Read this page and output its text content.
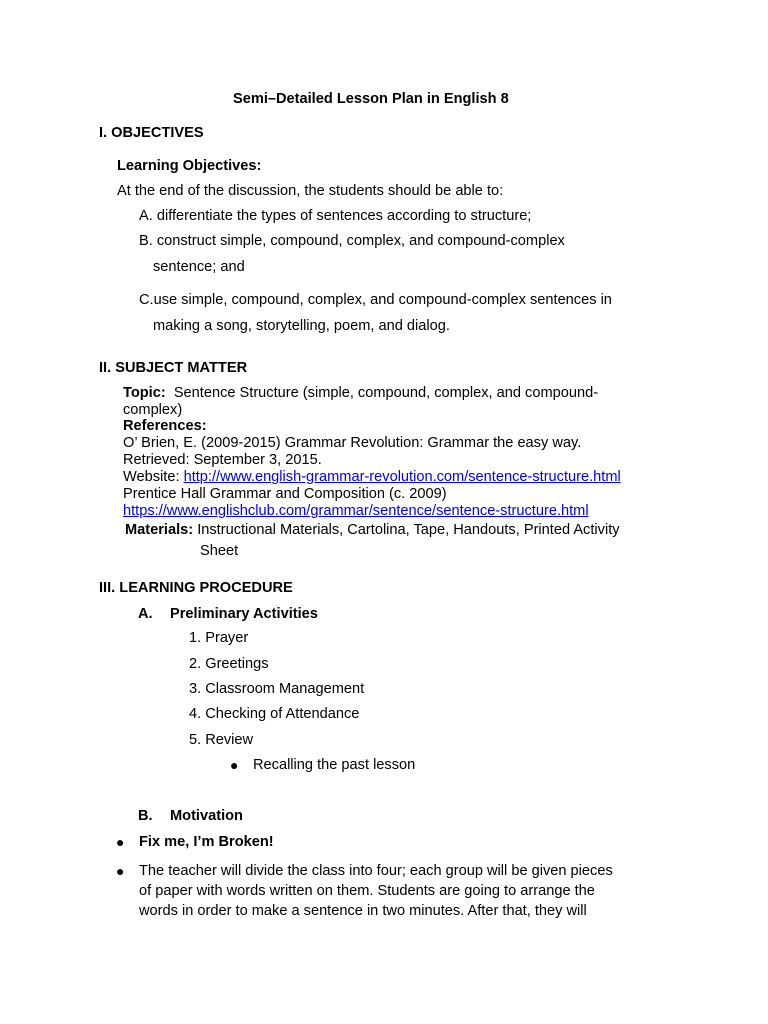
Semi–Detailed Lesson Plan in English 8
I. OBJECTIVES
Learning Objectives:
At the end of the discussion, the students should be able to:
A. differentiate the types of sentences according to structure;
B. construct simple, compound, complex, and compound-complex
sentence; and
C.use simple, compound, complex, and compound-complex sentences in
making a song, storytelling, poem, and dialog.
II. SUBJECT MATTER
Topic: Sentence Structure (simple, compound, complex, and compound-
complex)
References:
O’ Brien, E. (2009-2015) Grammar Revolution: Grammar the easy way.
Retrieved: September 3, 2015.
Website: http://www.english-grammar-revolution.com/sentence-structure.html
Prentice Hall Grammar and Composition (c. 2009)
https://www.englishclub.com/grammar/sentence/sentence-structure.html
Materials: Instructional Materials, Cartolina, Tape, Handouts, Printed Activity
Sheet
III. LEARNING PROCEDURE
A. Preliminary Activities
1. Prayer
2. Greetings
3. Classroom Management
4. Checking of Attendance
5. Review
● Recalling the past lesson
B. Motivation
● Fix me, I’m Broken!
● The teacher will divide the class into four; each group will be given pieces
of paper with words written on them. Students are going to arrange the
words in order to make a sentence in two minutes. After that, they will
